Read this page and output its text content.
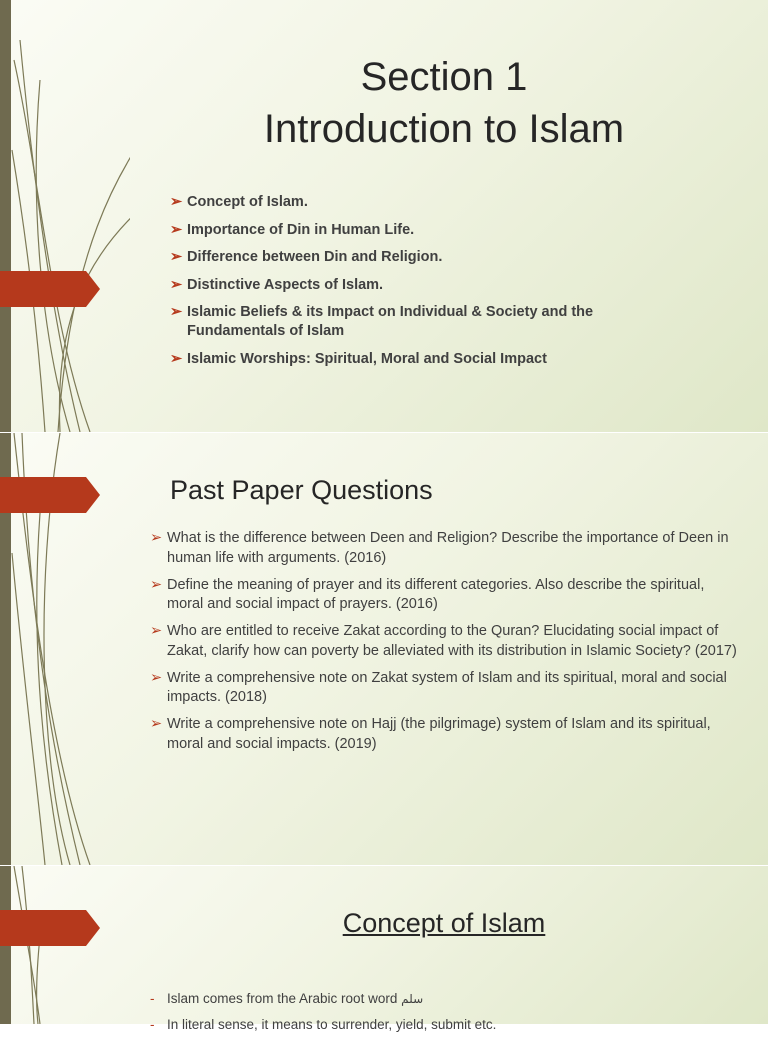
Section 1
Introduction to Islam
➢ Concept of Islam.
➢ Importance of Din in Human Life.
➢ Difference between Din and Religion.
➢ Distinctive Aspects of Islam.
➢ Islamic Beliefs & its Impact on Individual & Society and the Fundamentals of Islam
➢ Islamic Worships: Spiritual, Moral and Social Impact
Past Paper Questions
➢ What is the difference between Deen and Religion? Describe the importance of Deen in human life with arguments. (2016)
➢ Define the meaning of prayer and its different categories. Also describe the spiritual, moral and social impact of prayers. (2016)
➢ Who are entitled to receive Zakat according to the Quran? Elucidating social impact of Zakat, clarify how can poverty be alleviated with its distribution in Islamic Society? (2017)
➢ Write a comprehensive note on Zakat system of Islam and its spiritual, moral and social impacts. (2018)
➢ Write a comprehensive note on Hajj (the pilgrimage) system of Islam and its spiritual, moral and social impacts. (2019)
Concept of Islam
- Islam comes from the Arabic root word سلم
- In literal sense, it means to surrender, yield, submit etc.
